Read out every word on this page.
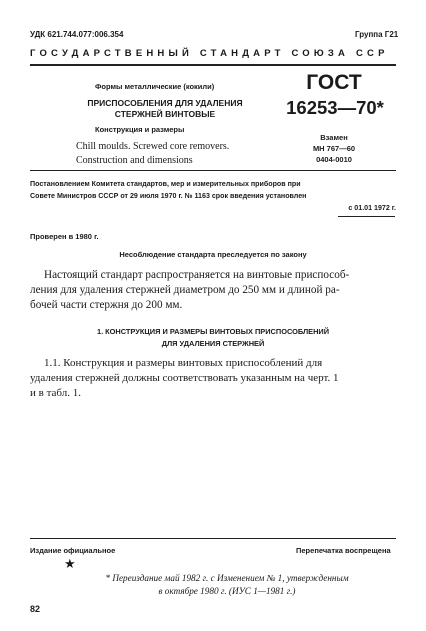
УДК 621.744.077:006.354	Группа Г21
ГОСУДАРСТВЕННЫЙ СТАНДАРТ СОЮЗА ССР
Формы металлические (кокили)
ПРИСПОСОБЛЕНИЯ ДЛЯ УДАЛЕНИЯ
СТЕРЖНЕЙ ВИНТОВЫЕ
Конструкция и размеры
Chill moulds. Screwed core removers.
Construction and dimensions
ГОСТ
16253—70*
Взамен
МН 767—60
0404-0010
Постановлением Комитета стандартов, мер и измерительных приборов при
Совете Министров СССР от 29 июля 1970 г. № 1163 срок введения установлен
с 01.01 1972 г.
Проверен в 1980 г.
Несоблюдение стандарта преследуется по закону
Настоящий стандарт распространяется на винтовые приспособ-
ления для удаления стержней диаметром до 250 мм и длиной ра-
бочей части стержня до 200 мм.
1. КОНСТРУКЦИЯ И РАЗМЕРЫ ВИНТОВЫХ ПРИСПОСОБЛЕНИЙ
ДЛЯ УДАЛЕНИЯ СТЕРЖНЕЙ
1.1. Конструкция и размеры винтовых приспособлений для
удаления стержней должны соответствовать указанным на черт. 1
и в табл. 1.
Издание официальное	Перепечатка воспрещена
★
* Переиздание май 1982 г. с Изменением № 1, утвержденным
в октябре 1980 г. (ИУС 1—1981 г.)
82
